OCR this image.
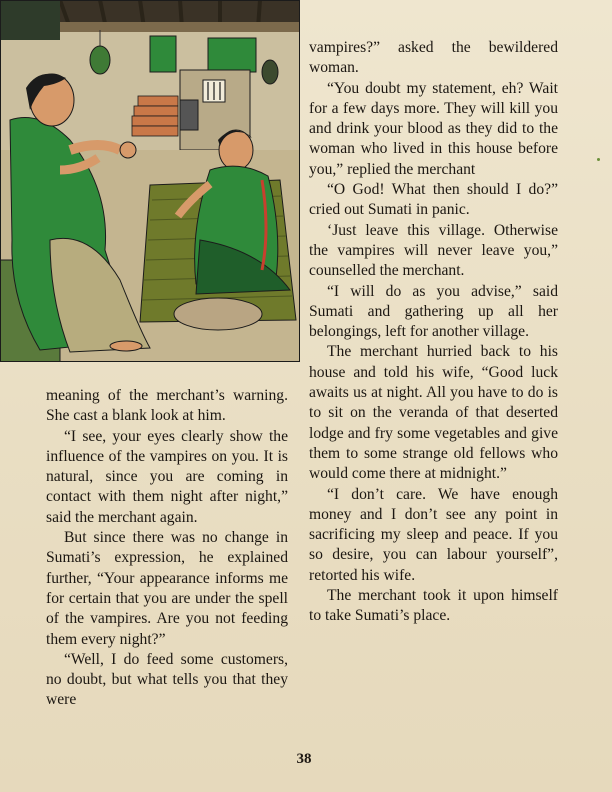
meaning of the merchant’s warning. She cast a blank look at him.

“I see, your eyes clearly show the influence of the vampires on you. It is natural, since you are coming in contact with them night after night,” said the merchant again.

But since there was no change in Sumati’s expression, he explained further, “Your appearance informs me for certain that you are under the spell of the vampires. Are you not feeding them every night?”

“Well, I do feed some customers, no doubt, but what tells you that they were

vampires?” asked the bewildered woman.

“You doubt my statement, eh? Wait for a few days more. They will kill you and drink your blood as they did to the woman who lived in this house before you,” replied the merchant

“O God! What then should I do?” cried out Sumati in panic.

‘Just leave this village. Otherwise the vampires will never leave you,” counselled the merchant.

“I will do as you advise,” said Sumati and gathering up all her belongings, left for another village.

The merchant hurried back to his house and told his wife, “Good luck awaits us at night. All you have to do is to sit on the veranda of that deserted lodge and fry some vegetables and give them to some strange old fellows who would come there at midnight.”

“I don’t care. We have enough money and I don’t see any point in sacrificing my sleep and peace. If you so desire, you can labour yourself”, retorted his wife.

The merchant took it upon himself to take Sumati’s place.

38
